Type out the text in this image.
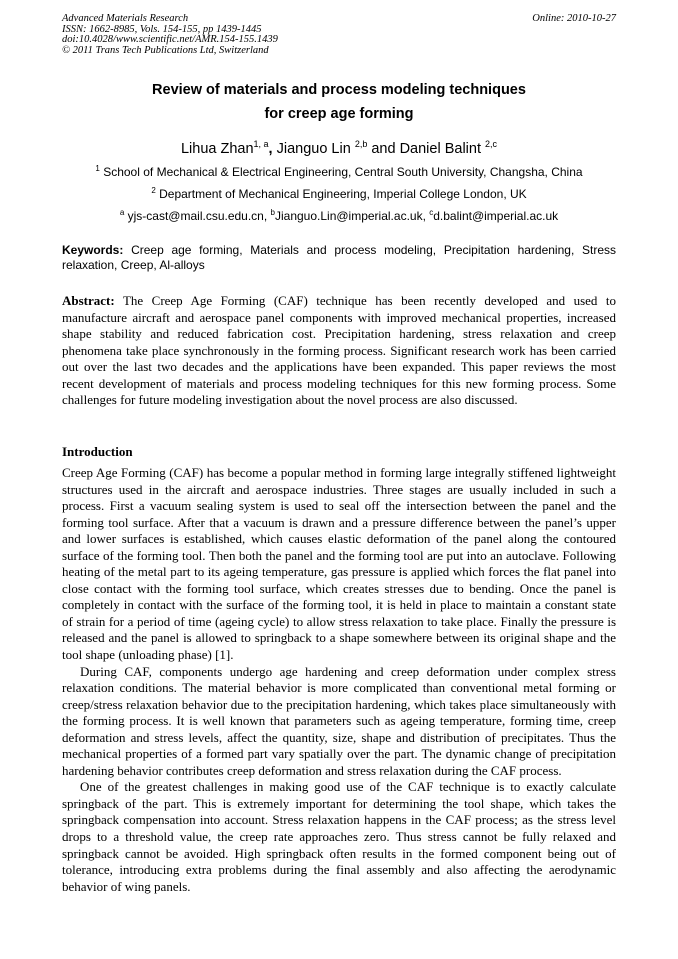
Advanced Materials Research
ISSN: 1662-8985, Vols. 154-155, pp 1439-1445
doi:10.4028/www.scientific.net/AMR.154-155.1439
© 2011 Trans Tech Publications Ltd, Switzerland
Online: 2010-10-27
Review of materials and process modeling techniques
for creep age forming
Lihua Zhan$^{1, a}$, Jianguo Lin $^{2,b}$ and Daniel Balint $^{2,c}$
$^1$ School of Mechanical & Electrical Engineering, Central South University, Changsha, China
$^2$ Department of Mechanical Engineering, Imperial College London, UK
$^a$ yjs-cast@mail.csu.edu.cn, $^b$Jianguo.Lin@imperial.ac.uk, $^c$d.balint@imperial.ac.uk
Keywords: Creep age forming, Materials and process modeling, Precipitation hardening, Stress relaxation, Creep, Al-alloys
Abstract: The Creep Age Forming (CAF) technique has been recently developed and used to manufacture aircraft and aerospace panel components with improved mechanical properties, increased shape stability and reduced fabrication cost. Precipitation hardening, stress relaxation and creep phenomena take place synchronously in the forming process. Significant research work has been carried out over the last two decades and the applications have been expanded. This paper reviews the most recent development of materials and process modeling techniques for this new forming process. Some challenges for future modeling investigation about the novel process are also discussed.
Introduction

Creep Age Forming (CAF) has become a popular method in forming large integrally stiffened lightweight structures used in the aircraft and aerospace industries. Three stages are usually included in such a process. First a vacuum sealing system is used to seal off the intersection between the panel and the forming tool surface. After that a vacuum is drawn and a pressure difference between the panel’s upper and lower surfaces is established, which causes elastic deformation of the panel along the contoured surface of the forming tool. Then both the panel and the forming tool are put into an autoclave. Following heating of the metal part to its ageing temperature, gas pressure is applied which forces the flat panel into close contact with the forming tool surface, which creates stresses due to bending. Once the panel is completely in contact with the surface of the forming tool, it is held in place to maintain a constant state of strain for a period of time (ageing cycle) to allow stress relaxation to take place. Finally the pressure is released and the panel is allowed to springback to a shape somewhere between its original shape and the tool shape (unloading phase) [1].

During CAF, components undergo age hardening and creep deformation under complex stress relaxation conditions. The material behavior is more complicated than conventional metal forming or creep/stress relaxation behavior due to the precipitation hardening, which takes place simultaneously with the forming process. It is well known that parameters such as ageing temperature, forming time, creep deformation and stress levels, affect the quantity, size, shape and distribution of precipitates. Thus the mechanical properties of a formed part vary spatially over the part. The dynamic change of precipitation hardening behavior contributes creep deformation and stress relaxation during the CAF process.

One of the greatest challenges in making good use of the CAF technique is to exactly calculate springback of the part. This is extremely important for determining the tool shape, which takes the springback compensation into account. Stress relaxation happens in the CAF process; as the stress level drops to a threshold value, the creep rate approaches zero. Thus stress cannot be fully relaxed and springback cannot be avoided. High springback often results in the formed component being out of tolerance, introducing extra problems during the final assembly and also affecting the aerodynamic behavior of wing panels.
